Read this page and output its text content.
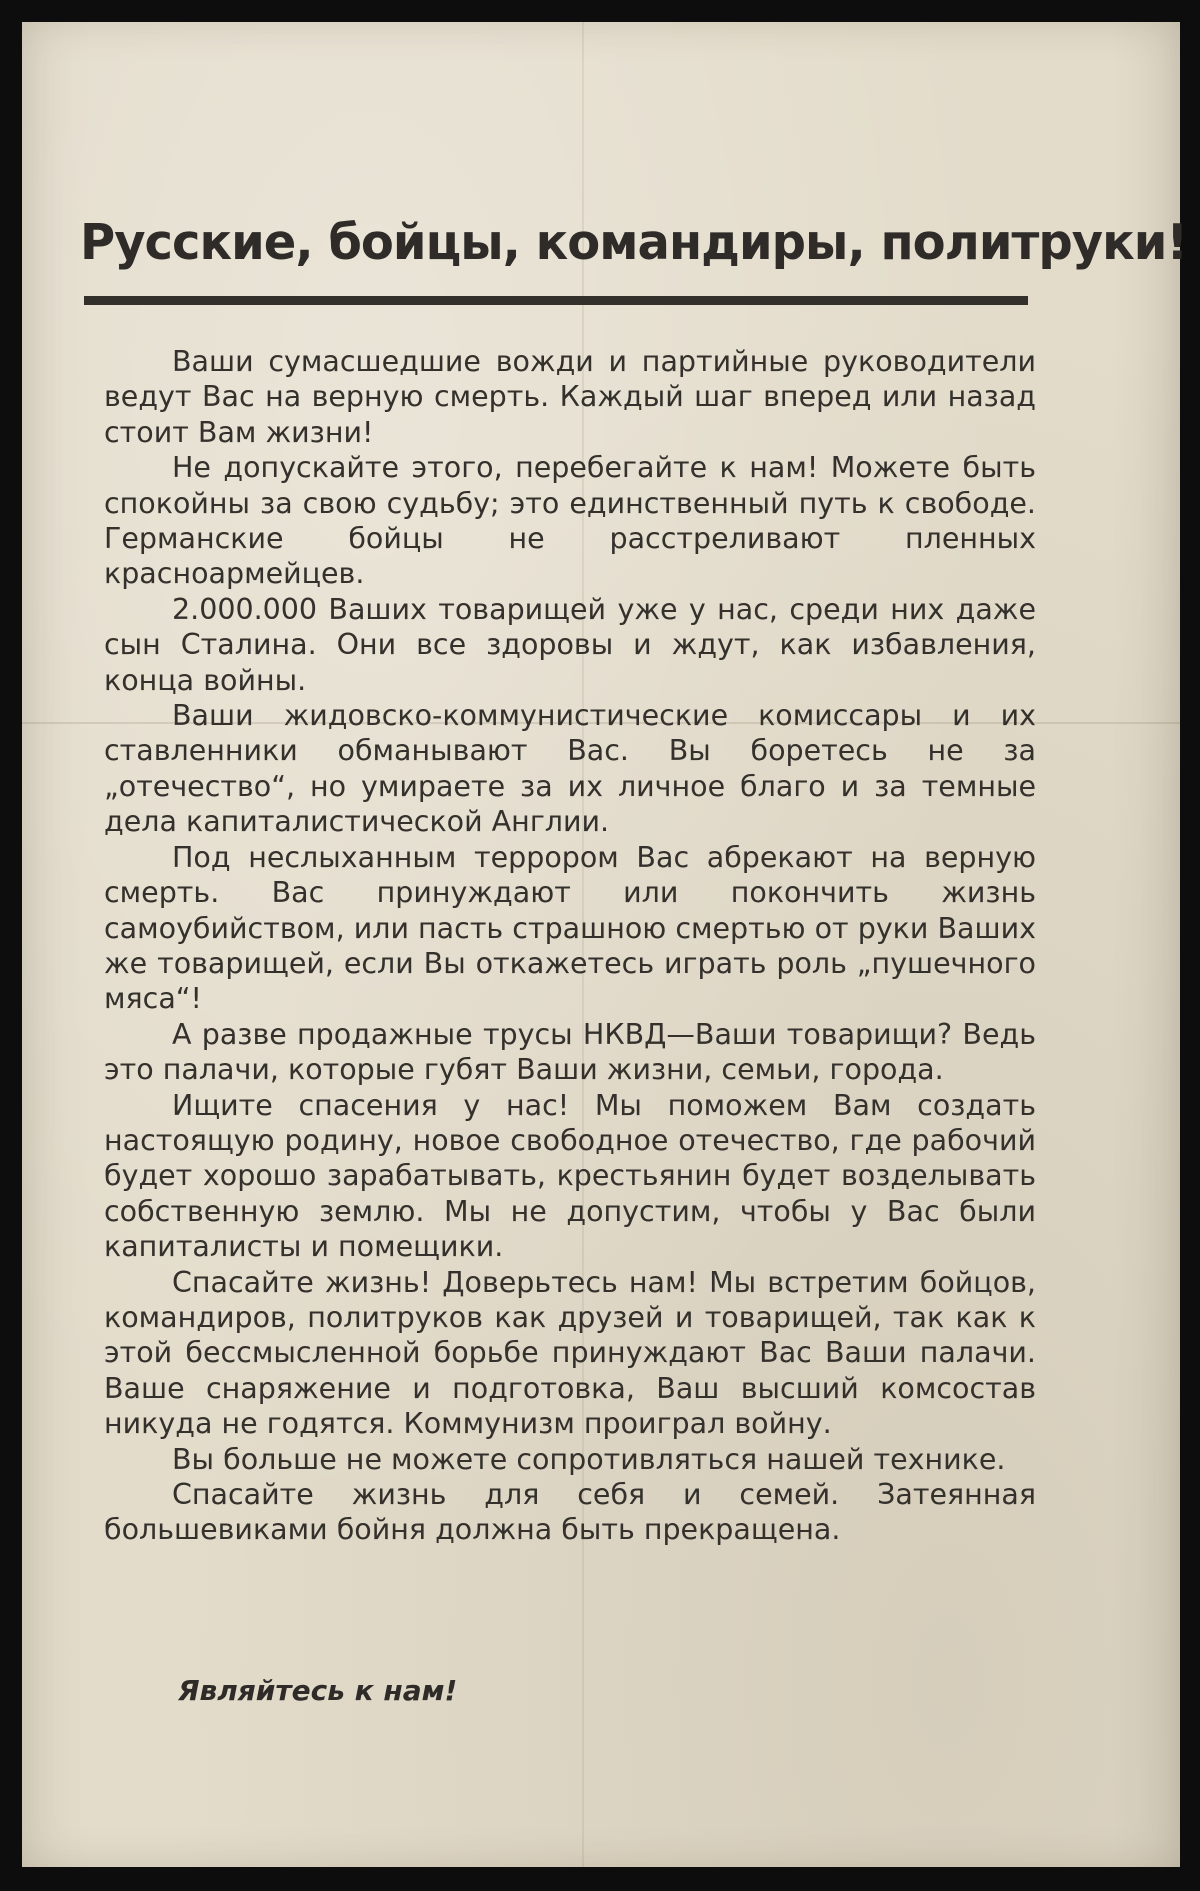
Русские, бойцы, командиры, политруки!

Ваши сумасшедшие вожди и партийные руководители ведут Вас на верную смерть. Каждый шаг вперед или назад стоит Вам жизни!

Не допускайте этого, перебегайте к нам! Можете быть спокойны за свою судьбу; это единственный путь к свободе. Германские бойцы не расстреливают пленных красноармейцев.

2.000.000 Ваших товарищей уже у нас, среди них даже сын Сталина. Они все здоровы и ждут, как избавления, конца войны.

Ваши жидовско-коммунистические комиссары и их ставленники обманывают Вас. Вы боретесь не за „отечество“, но умираете за их личное благо и за темные дела капиталистической Англии.

Под неслыханным террором Вас абрекают на верную смерть. Вас принуждают или покончить жизнь самоубийством, или пасть страшною смертью от руки Ваших же товарищей, если Вы откажетесь играть роль „пушечного мяса“!

А разве продажные трусы НКВД—Ваши товарищи? Ведь это палачи, которые губят Ваши жизни, семьи, города.

Ищите спасения у нас! Мы поможем Вам создать настоящую родину, новое свободное отечество, где рабочий будет хорошо зарабатывать, крестьянин будет возделывать собственную землю. Мы не допустим, чтобы у Вас были капиталисты и помещики.

Спасайте жизнь! Доверьтесь нам! Мы встретим бойцов, командиров, политруков как друзей и товарищей, так как к этой бессмысленной борьбе принуждают Вас Ваши палачи. Ваше снаряжение и подготовка, Ваш высший комсостав никуда не годятся. Коммунизм проиграл войну.

Вы больше не можете сопротивляться нашей технике.

Спасайте жизнь для себя и семей. Затеянная большевиками бойня должна быть прекращена.

Являйтесь к нам!
